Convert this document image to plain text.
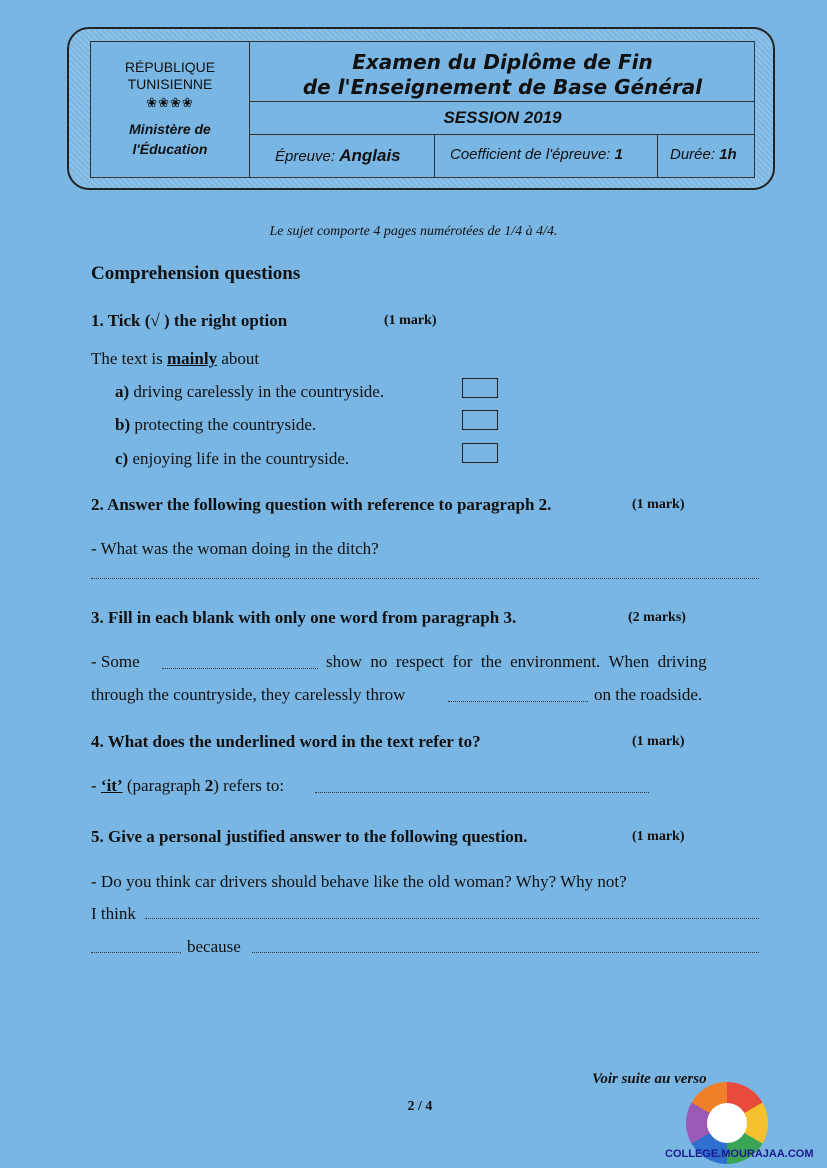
RÉPUBLIQUE
TUNISIENNE
❀❀❀❀
Ministère de
l'Éducation
Examen du Diplôme de Fin
de l'Enseignement de Base Général
SESSION 2019
Épreuve: Anglais	Coefficient de l'épreuve: 1	Durée: 1h
Le sujet comporte 4 pages numérotées de 1/4 à 4/4.
Comprehension questions
1. Tick (√ ) the right option	(1 mark)
The text is mainly about
a) driving carelessly in the countryside.
b) protecting the countryside.
c) enjoying life in the countryside.
2. Answer the following question with reference to paragraph 2.	(1 mark)
- What was the woman doing in the ditch?
3. Fill in each blank with only one word from paragraph 3.	(2 marks)
- Some	show  no  respect  for  the  environment.  When  driving
through the countryside, they carelessly throw	on the roadside.
4. What does the underlined word in the text refer to?	(1 mark)
- ‘it’ (paragraph 2) refers to:
5. Give a personal justified answer to the following question.	(1 mark)
- Do you think car drivers should behave like the old woman? Why? Why not?
I think
because
Voir suite au verso
2 / 4
COLLEGE.MOURAJAA.COM
